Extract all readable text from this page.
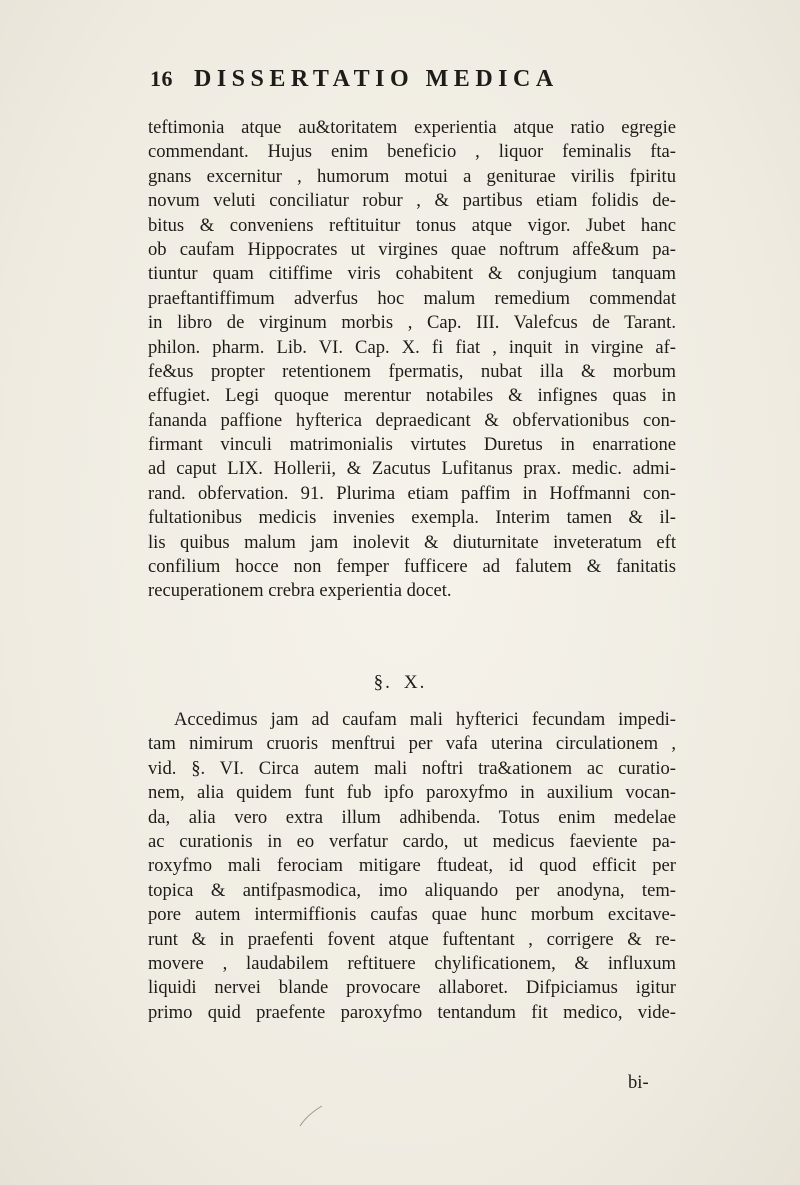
16 DISSERTATIO MEDICA
teftimonia atque au&toritatem experientia atque ratio egregie
commendant. Hujus enim beneficio , liquor feminalis fta-
gnans excernitur , humorum motui a geniturae virilis fpiritu
novum veluti conciliatur robur , & partibus etiam folidis de-
bitus & conveniens reftituitur tonus atque vigor. Jubet hanc
ob caufam Hippocrates ut virgines quae noftrum affe&um pa-
tiuntur quam citiffime viris cohabitent & conjugium tanquam
praeftantiffimum adverfus hoc malum remedium commendat
in libro de virginum morbis , Cap. III. Valefcus de Tarant.
philon. pharm. Lib. VI. Cap. X. fi fiat , inquit in virgine af-
fe&us propter retentionem fpermatis, nubat illa & morbum
effugiet. Legi quoque merentur notabiles & infignes quas in
fananda paffione hyfterica depraedicant & obfervationibus con-
firmant vinculi matrimonialis virtutes Duretus in enarratione
ad caput LIX. Hollerii, & Zacutus Lufitanus prax. medic. admi-
rand. obfervation. 91. Plurima etiam paffim in Hoffmanni con-
fultationibus medicis invenies exempla. Interim tamen & il-
lis quibus malum jam inolevit & diuturnitate inveteratum eft
confilium hocce non femper fufficere ad falutem & fanitatis
recuperationem crebra experientia docet.
§. X.
Accedimus jam ad caufam mali hyfterici fecundam impedi-
tam nimirum cruoris menftrui per vafa uterina circulationem ,
vid. §. VI. Circa autem mali noftri tra&ationem ac curatio-
nem, alia quidem funt fub ipfo paroxyfmo in auxilium vocan-
da, alia vero extra illum adhibenda. Totus enim medelae
ac curationis in eo verfatur cardo, ut medicus faeviente pa-
roxyfmo mali ferociam mitigare ftudeat, id quod efficit per
topica & antifpasmodica, imo aliquando per anodyna, tem-
pore autem intermiffionis caufas quae hunc morbum excitave-
runt & in praefenti fovent atque fuftentant , corrigere & re-
movere , laudabilem reftituere chylificationem, & influxum
liquidi nervei blande provocare allaboret. Difpiciamus igitur
primo quid praefente paroxyfmo tentandum fit medico, vide-
bi-
